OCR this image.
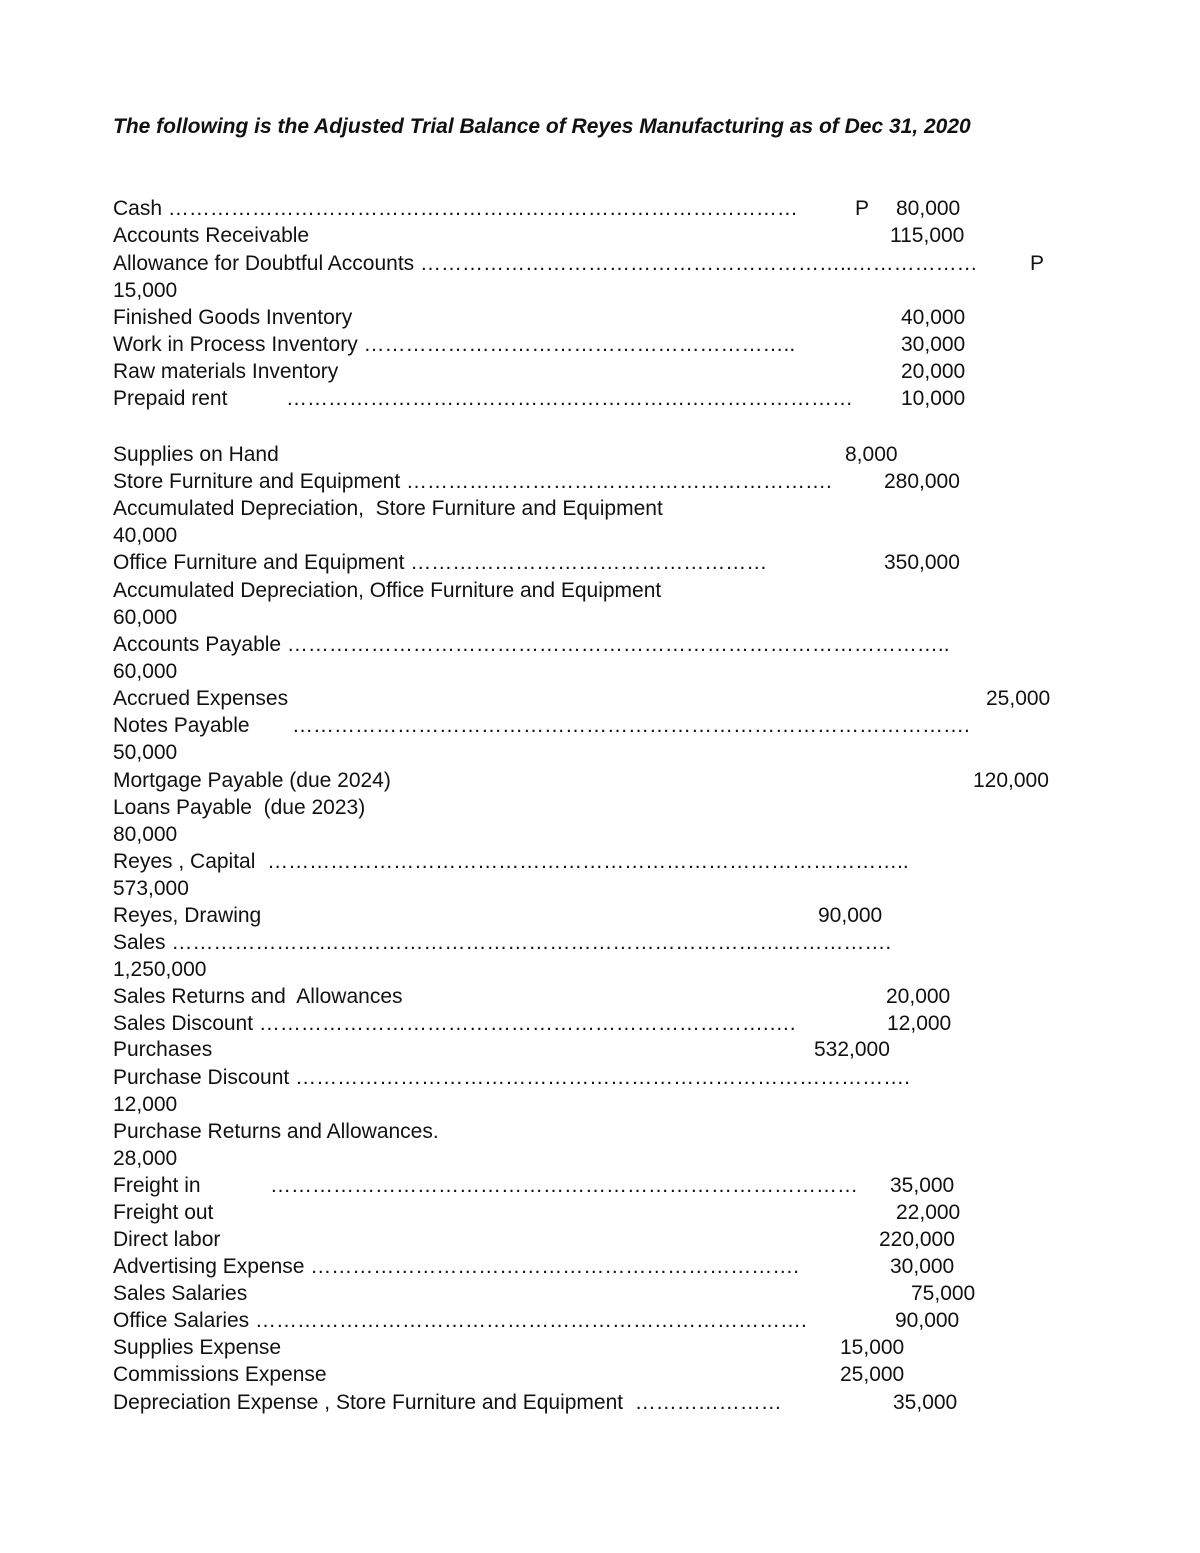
The following is the Adjusted Trial Balance of Reyes Manufacturing as of Dec 31, 2020

Cash ………………………………………………………………………………	P 80,000
Accounts Receivable	115,000
Allowance for Doubtful Accounts ……………………………………………………..……………… P
15,000
Finished Goods Inventory	40,000
Work in Process Inventory ……………………………………………………..	30,000
Raw materials Inventory	20,000
Prepaid rent	……………………………………………………………………… 10,000
Supplies on Hand	8,000
Store Furniture and Equipment ……………………………………………………. 280,000
Accumulated Depreciation,  Store Furniture and Equipment
40,000
Office Furniture and Equipment ……………………………………………	350,000
Accumulated Depreciation, Office Furniture and Equipment
60,000
Accounts Payable …………………………………………………………………………………..
60,000
Accrued Expenses	25,000
Notes Payable …………………………………………………………………………………….
50,000
Mortgage Payable (due 2024)	120,000
Loans Payable  (due 2023)
80,000
Reyes , Capital  ………………………………………………………………………………..
573,000
Reyes, Drawing	90,000
Sales ………………………………………………………………………………………….
1,250,000
Sales Returns and  Allowances	20,000
Sales Discount ……………………………………………………………….….	12,000
Purchases	532,000
Purchase Discount …………………………………………………………………………….
12,000
Purchase Returns and Allowances.
28,000
Freight in	………………………………………………………………………… 35,000
Freight out	22,000
Direct labor	220,000
Advertising Expense …………………………………………………………….	30,000
Sales Salaries	75,000
Office Salaries …………………………………………………………………….	90,000
Supplies Expense	15,000
Commissions Expense	25,000
Depreciation Expense , Store Furniture and Equipment  …………………	35,000
